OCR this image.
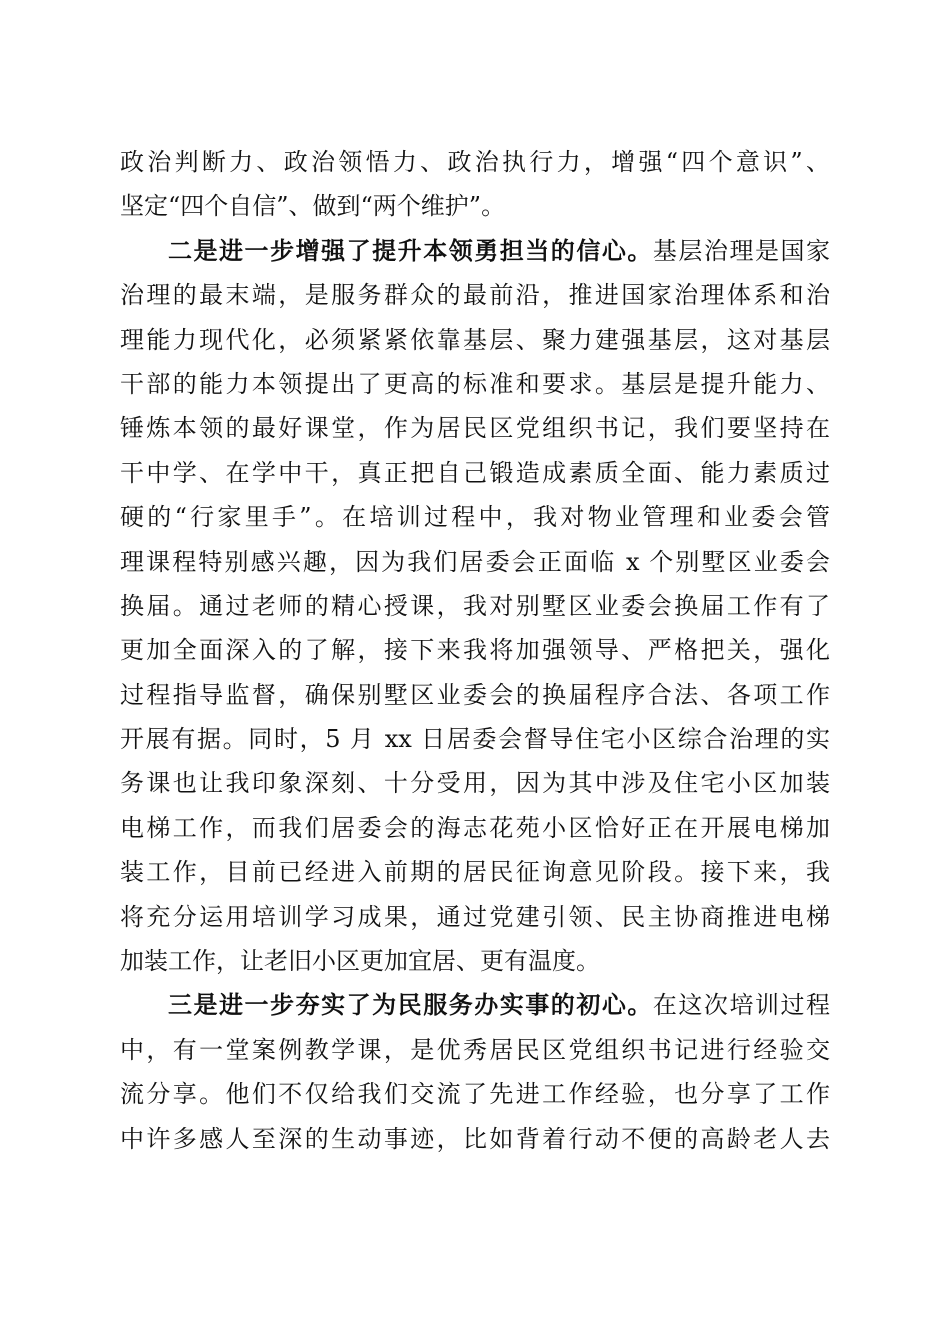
政治判断力、政治领悟力、政治执行力，增强“四个意识”、
坚定“四个自信”、做到“两个维护”。
二是进一步增强了提升本领勇担当的信心。基层治理是国家
治理的最末端，是服务群众的最前沿，推进国家治理体系和治
理能力现代化，必须紧紧依靠基层、聚力建强基层，这对基层
干部的能力本领提出了更高的标准和要求。基层是提升能力、
锤炼本领的最好课堂，作为居民区党组织书记，我们要坚持在
干中学、在学中干，真正把自己锻造成素质全面、能力素质过
硬的“行家里手”。在培训过程中，我对物业管理和业委会管
理课程特别感兴趣，因为我们居委会正面临 x 个别墅区业委会
换届。通过老师的精心授课，我对别墅区业委会换届工作有了
更加全面深入的了解，接下来我将加强领导、严格把关，强化
过程指导监督，确保别墅区业委会的换届程序合法、各项工作
开展有据。同时，5 月 xx 日居委会督导住宅小区综合治理的实
务课也让我印象深刻、十分受用，因为其中涉及住宅小区加装
电梯工作，而我们居委会的海志花苑小区恰好正在开展电梯加
装工作，目前已经进入前期的居民征询意见阶段。接下来，我
将充分运用培训学习成果，通过党建引领、民主协商推进电梯
加装工作，让老旧小区更加宜居、更有温度。
三是进一步夯实了为民服务办实事的初心。在这次培训过程
中，有一堂案例教学课，是优秀居民区党组织书记进行经验交
流分享。他们不仅给我们交流了先进工作经验，也分享了工作
中许多感人至深的生动事迹，比如背着行动不便的高龄老人去
